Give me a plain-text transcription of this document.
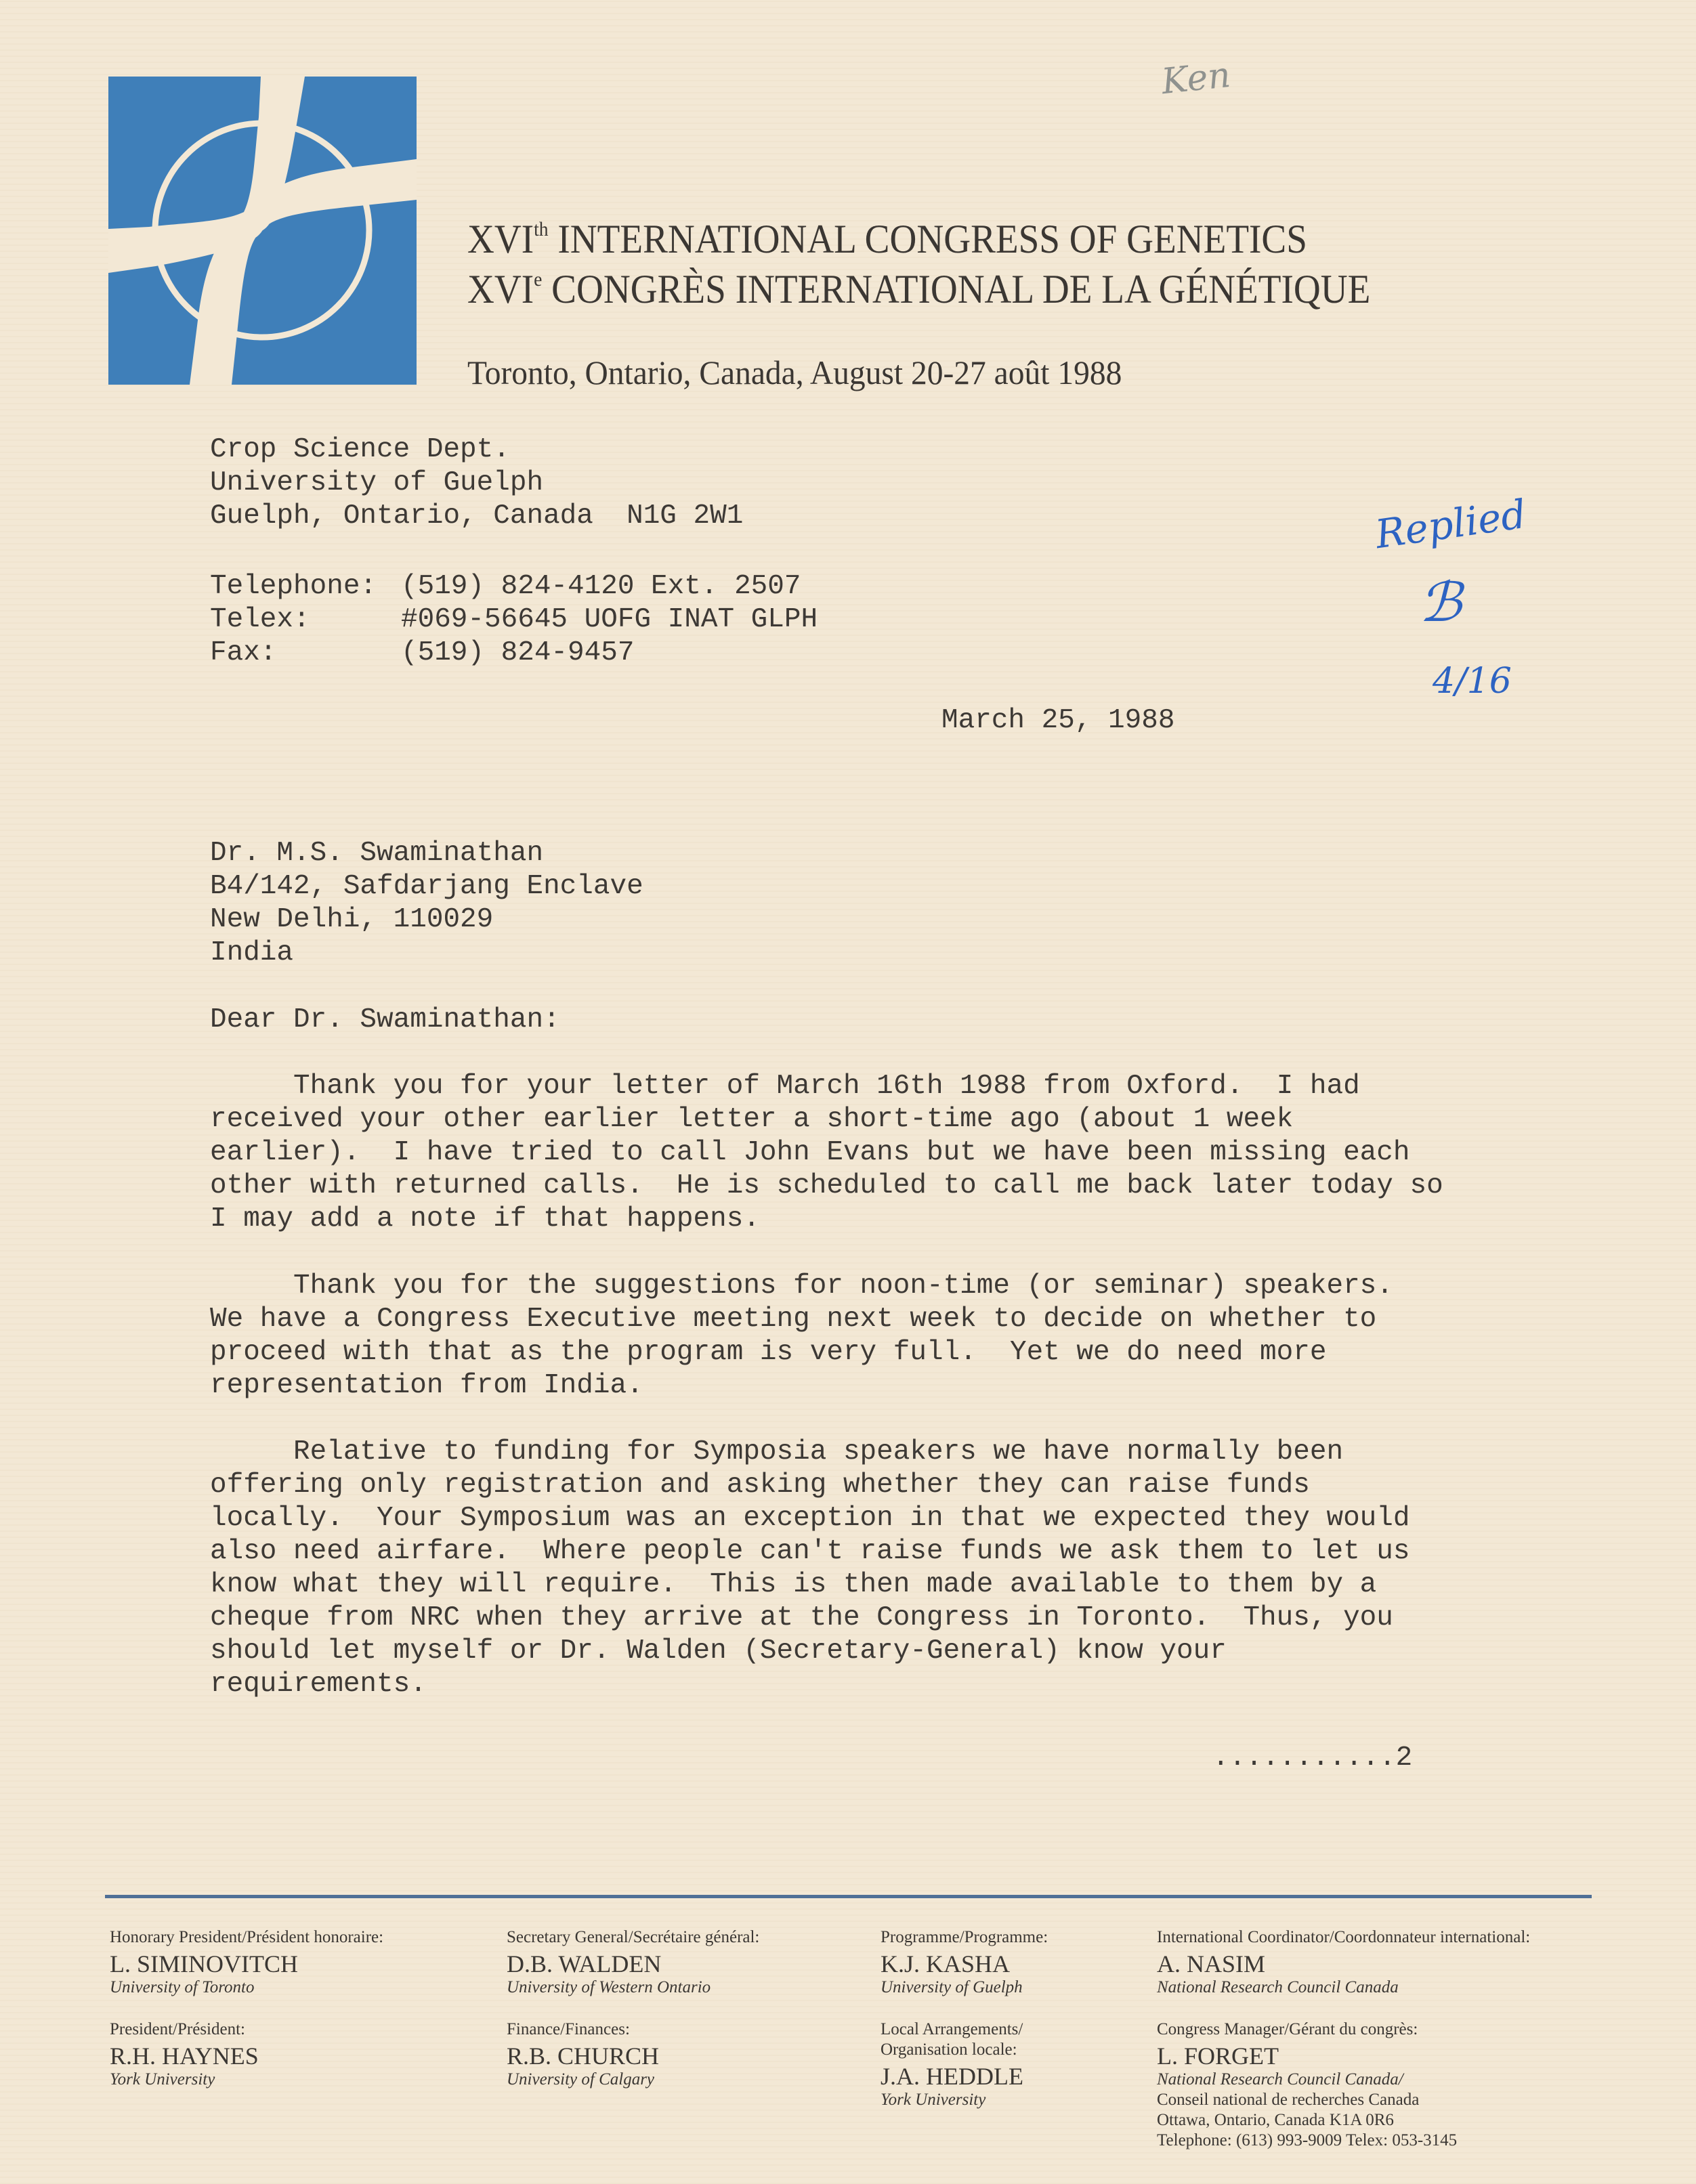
XVIth INTERNATIONAL CONGRESS OF GENETICS
XVIe CONGRÈS INTERNATIONAL DE LA GÉNÉTIQUE
Toronto, Ontario, Canada, August 20-27 août 1988
Ken
Replied
ℬ
4/16
Crop Science Dept.
University of Guelph
Guelph, Ontario, Canada  N1G 2W1
Telephone: (519) 824-4120 Ext. 2507
Telex:	#069-56645 UOFG INAT GLPH
Fax:	(519) 824-9457
March 25, 1988
Dr. M.S. Swaminathan
B4/142, Safdarjang Enclave
New Delhi, 110029
India
Dear Dr. Swaminathan:
Thank you for your letter of March 16th 1988 from Oxford.  I had
received your other earlier letter a short-time ago (about 1 week
earlier).  I have tried to call John Evans but we have been missing each
other with returned calls.  He is scheduled to call me back later today so
I may add a note if that happens.
Thank you for the suggestions for noon-time (or seminar) speakers.
We have a Congress Executive meeting next week to decide on whether to
proceed with that as the program is very full.  Yet we do need more
representation from India.
Relative to funding for Symposia speakers we have normally been
offering only registration and asking whether they can raise funds
locally.  Your Symposium was an exception in that we expected they would
also need airfare.  Where people can't raise funds we ask them to let us
know what they will require.  This is then made available to them by a
cheque from NRC when they arrive at the Congress in Toronto.  Thus, you
should let myself or Dr. Walden (Secretary-General) know your
requirements.
...........2
Honorary President/Président honoraire:
L. SIMINOVITCH
University of Toronto
President/Président:
R.H. HAYNES
York University
Secretary General/Secrétaire général:
D.B. WALDEN
University of Western Ontario
Finance/Finances:
R.B. CHURCH
University of Calgary
Programme/Programme:
K.J. KASHA
University of Guelph
Local Arrangements/
Organisation locale:
J.A. HEDDLE
York University
International Coordinator/Coordonnateur international:
A. NASIM
National Research Council Canada
Congress Manager/Gérant du congrès:
L. FORGET
National Research Council Canada/
Conseil national de recherches Canada
Ottawa, Ontario, Canada K1A 0R6
Telephone: (613) 993-9009 Telex: 053-3145
